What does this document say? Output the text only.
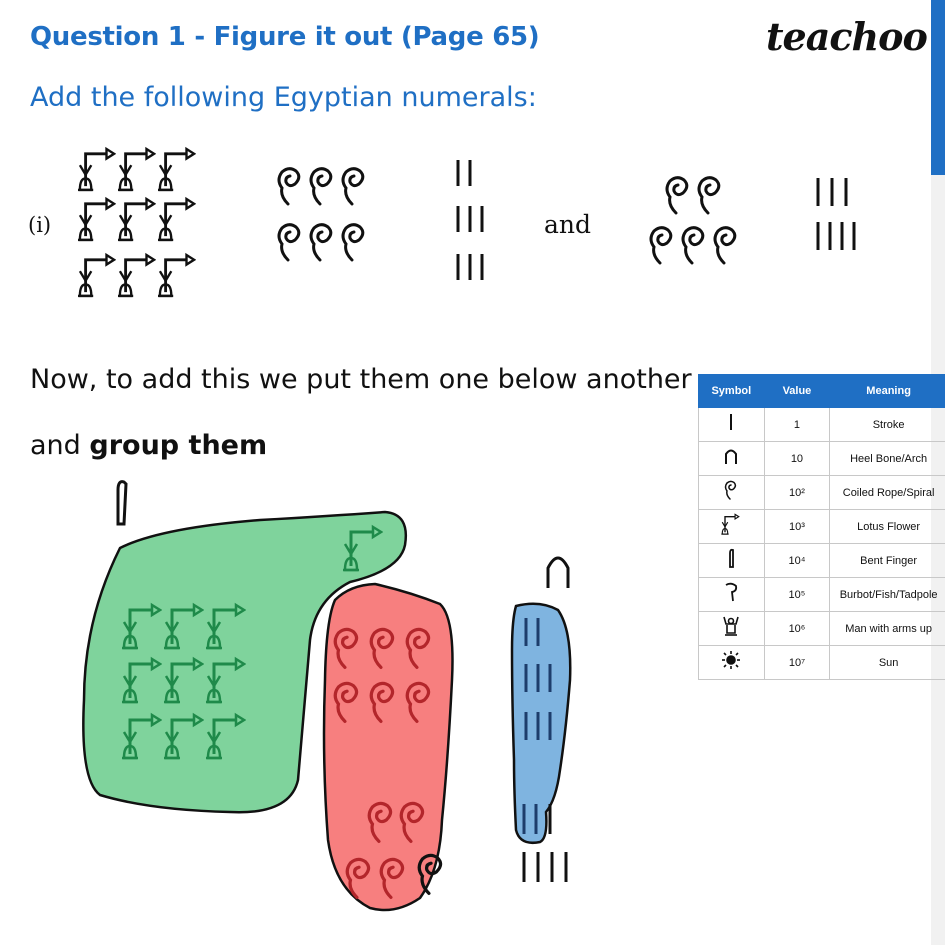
Question 1 - Figure it out (Page 65)	teachoo
Add the following Egyptian numerals:
(i)	and
Now, to add this we put them one below another
and group them
Symbol	Value	Meaning
	1	Stroke
	10	Heel Bone/Arch
	10²	Coiled Rope/Spiral
	10³	Lotus Flower
	10⁴	Bent Finger
	10⁵	Burbot/Fish/Tadpole
	10⁶	Man with arms up
	10⁷	Sun
